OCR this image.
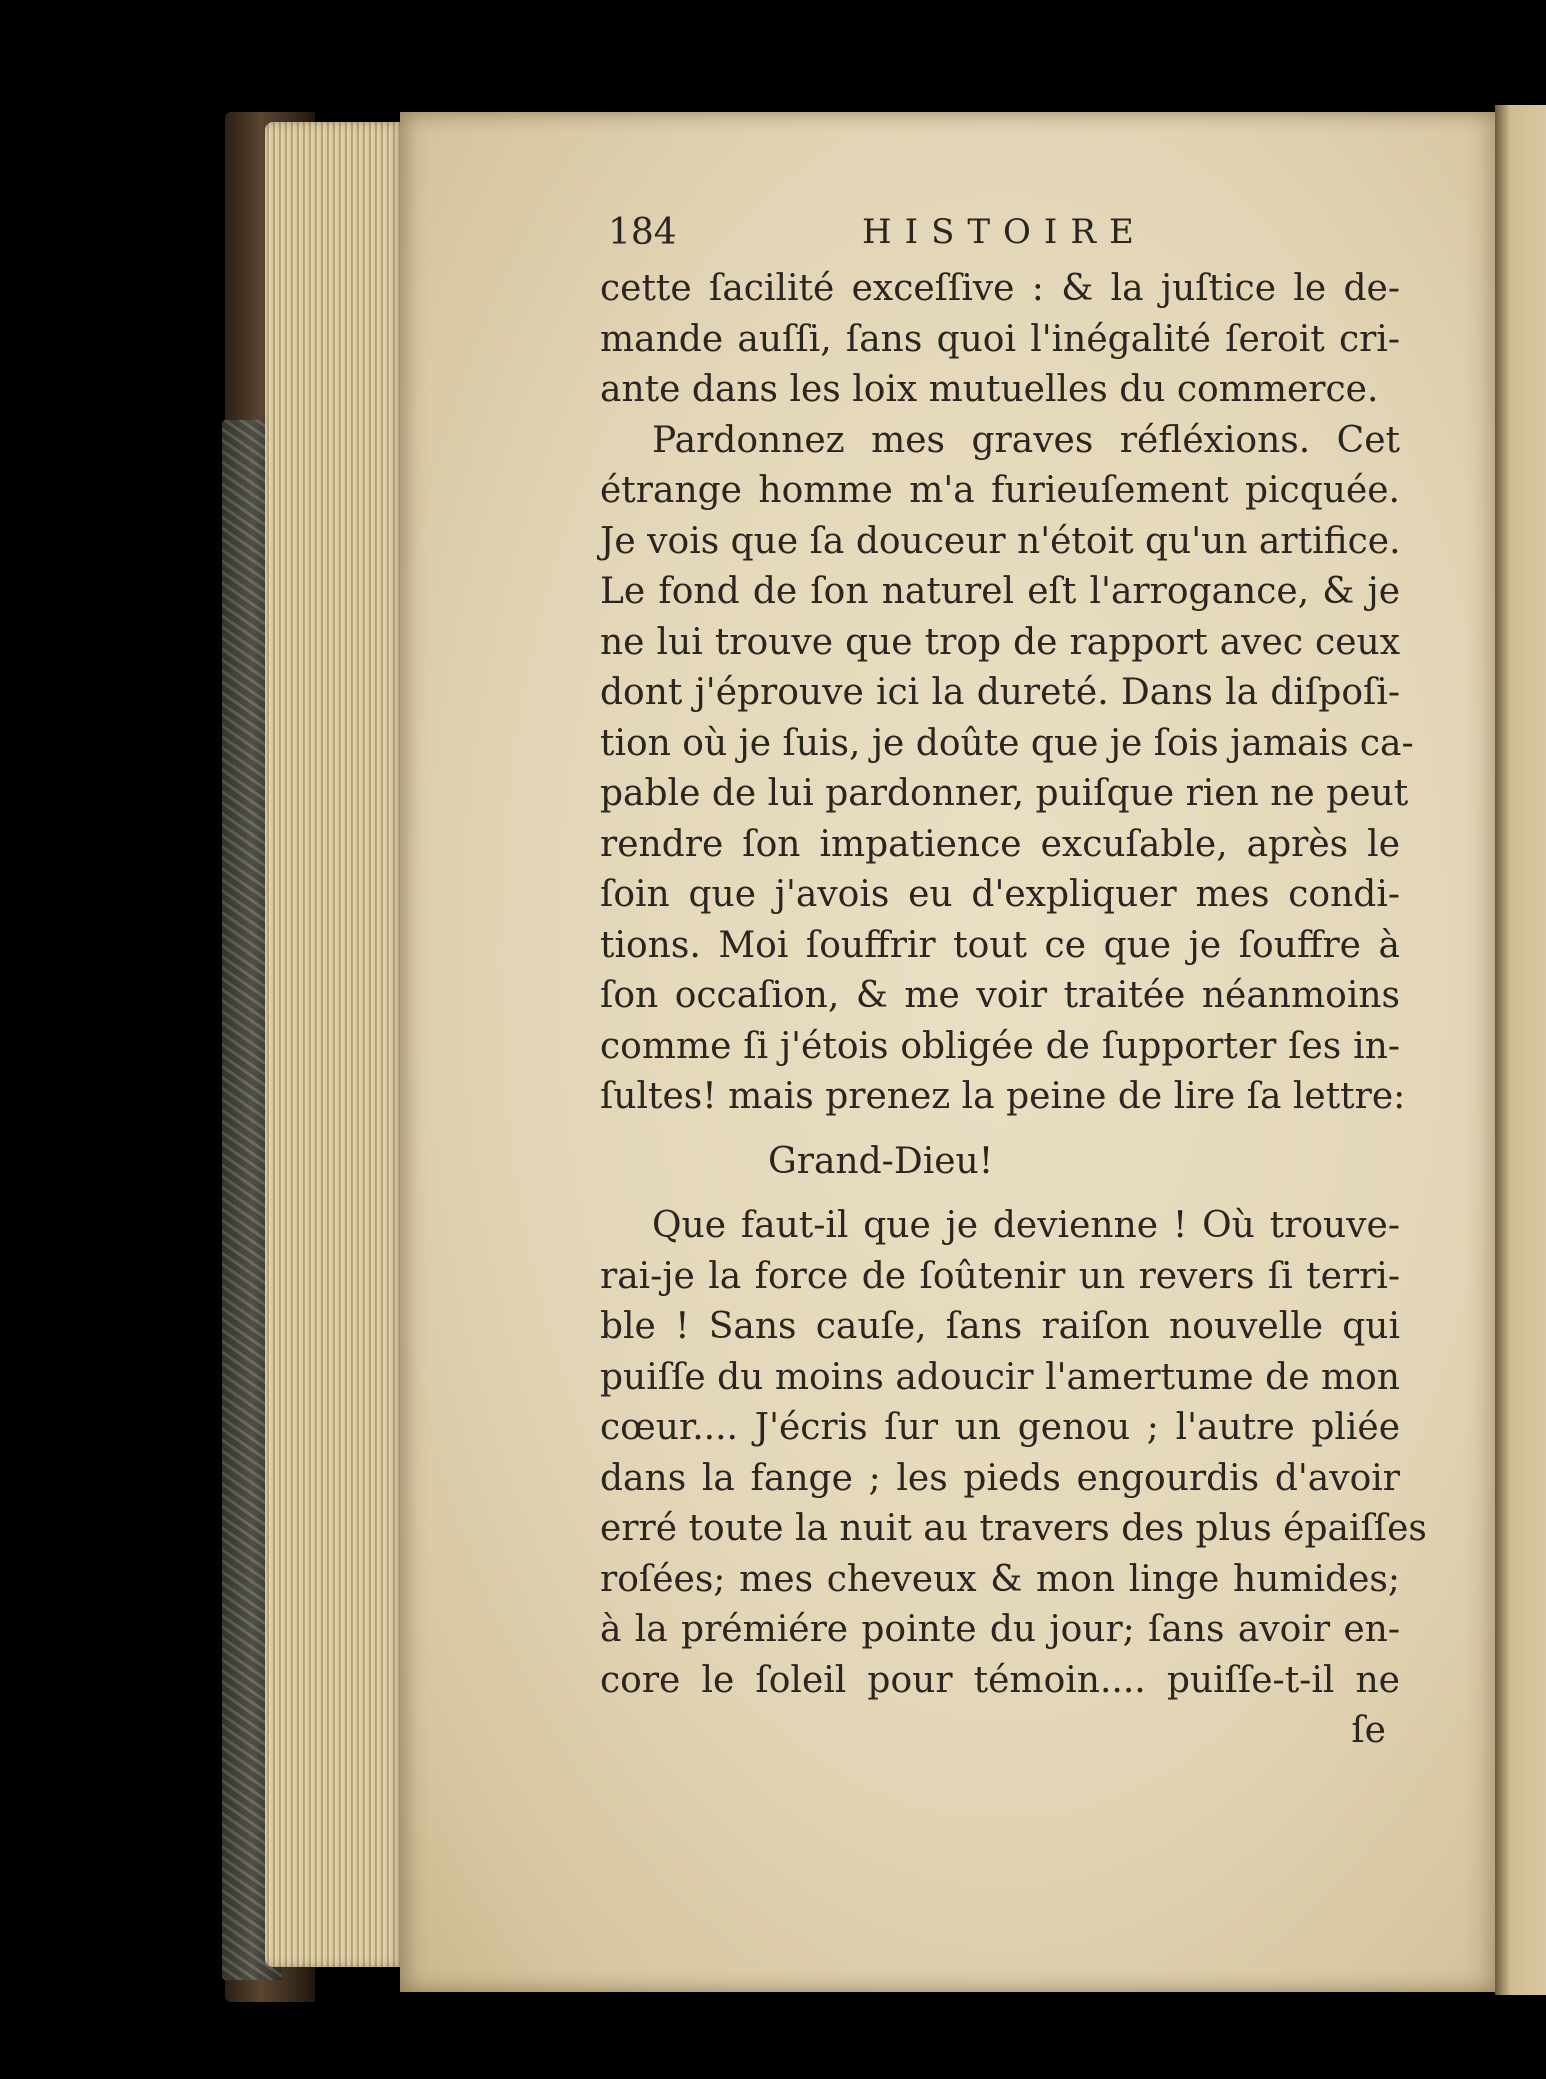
184	HISTOIRE
cette ſacilité exceſſive : & la juſtice le de-
mande auſſi, ſans quoi l'inégalité ſeroit cri-
ante dans les loix mutuelles du commerce.
Pardonnez mes graves réfléxions. Cet
étrange homme m'a furieuſement picquée.
Je vois que ſa douceur n'étoit qu'un artifice.
Le fond de ſon naturel eſt l'arrogance, & je
ne lui trouve que trop de rapport avec ceux
dont j'éprouve ici la dureté. Dans la diſpoſi-
tion où je ſuis, je doûte que je ſois jamais ca-
pable de lui pardonner, puiſque rien ne peut
rendre ſon impatience excuſable, après le
ſoin que j'avois eu d'expliquer mes condi-
tions. Moi ſouffrir tout ce que je ſouffre à
ſon occaſion, & me voir traitée néanmoins
comme ſi j'étois obligée de ſupporter ſes in-
ſultes! mais prenez la peine de lire ſa lettre:
Grand-Dieu!
Que faut-il que je devienne ! Où trouve-
rai-je la force de ſoûtenir un revers ſi terri-
ble ! Sans cauſe, ſans raiſon nouvelle qui
puiſſe du moins adoucir l'amertume de mon
cœur.... J'écris ſur un genou ; l'autre pliée
dans la fange ; les pieds engourdis d'avoir
erré toute la nuit au travers des plus épaiſſes
roſées; mes cheveux & mon linge humides;
à la prémiére pointe du jour; ſans avoir en-
core le ſoleil pour témoin.... puiſſe-t-il ne
ſe
